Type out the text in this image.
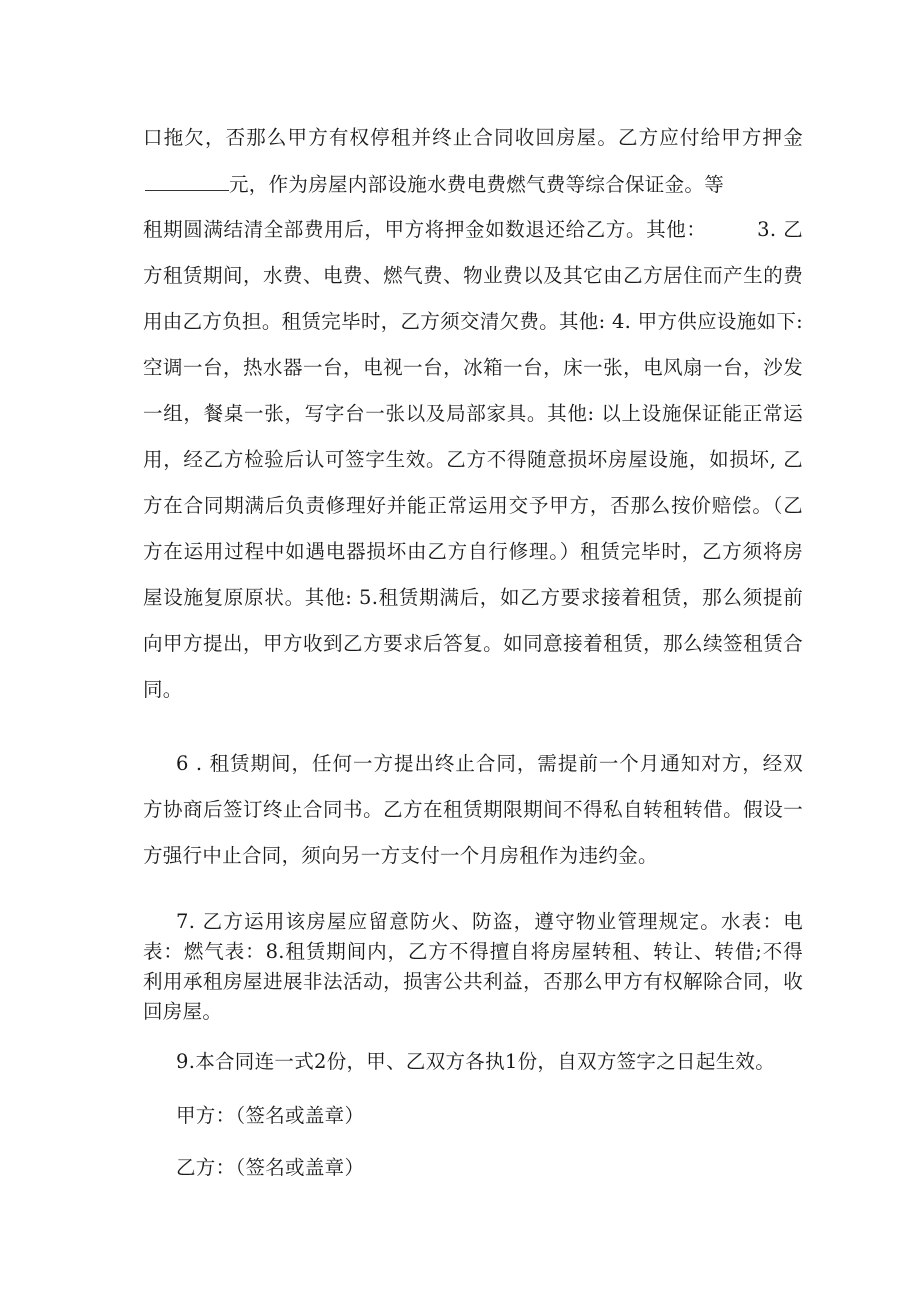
口拖欠，否那么甲方有权停租并终止合同收回房屋。乙方应付给甲方押金
元，作为房屋内部设施水费电费燃气费等综合保证金。等
租期圆满结清全部费用后，甲方将押金如数退还给乙方。其他：　　　3. 乙
方租赁期间，水费、电费、燃气费、物业费以及其它由乙方居住而产生的费
用由乙方负担。租赁完毕时，乙方须交清欠费。其他: 4. 甲方供应设施如下:
空调一台，热水器一台，电视一台，冰箱一台，床一张，电风扇一台，沙发
一组，餐桌一张，写字台一张以及局部家具。其他: 以上设施保证能正常运
用，经乙方检验后认可签字生效。乙方不得随意损坏房屋设施，如损坏, 乙
方在合同期满后负责修理好并能正常运用交予甲方，否那么按价赔偿。（乙
方在运用过程中如遇电器损坏由乙方自行修理。）租赁完毕时，乙方须将房
屋设施复原原状。其他: 5.租赁期满后，如乙方要求接着租赁，那么须提前
向甲方提出，甲方收到乙方要求后答复。如同意接着租赁，那么续签租赁合
同。
6 . 租赁期间，任何一方提出终止合同，需提前一个月通知对方，经双
方协商后签订终止合同书。乙方在租赁期限期间不得私自转租转借。假设一
方强行中止合同，须向另一方支付一个月房租作为违约金。
7. 乙方运用该房屋应留意防火、防盗，遵守物业管理规定。水表：电
表：燃气表：8.租赁期间内，乙方不得擅自将房屋转租、转让、转借;不得
利用承租房屋进展非法活动，损害公共利益，否那么甲方有权解除合同，收
回房屋。
9.本合同连一式2份，甲、乙双方各执1份，自双方签字之日起生效。
甲方：（签名或盖章）
乙方：（签名或盖章）
